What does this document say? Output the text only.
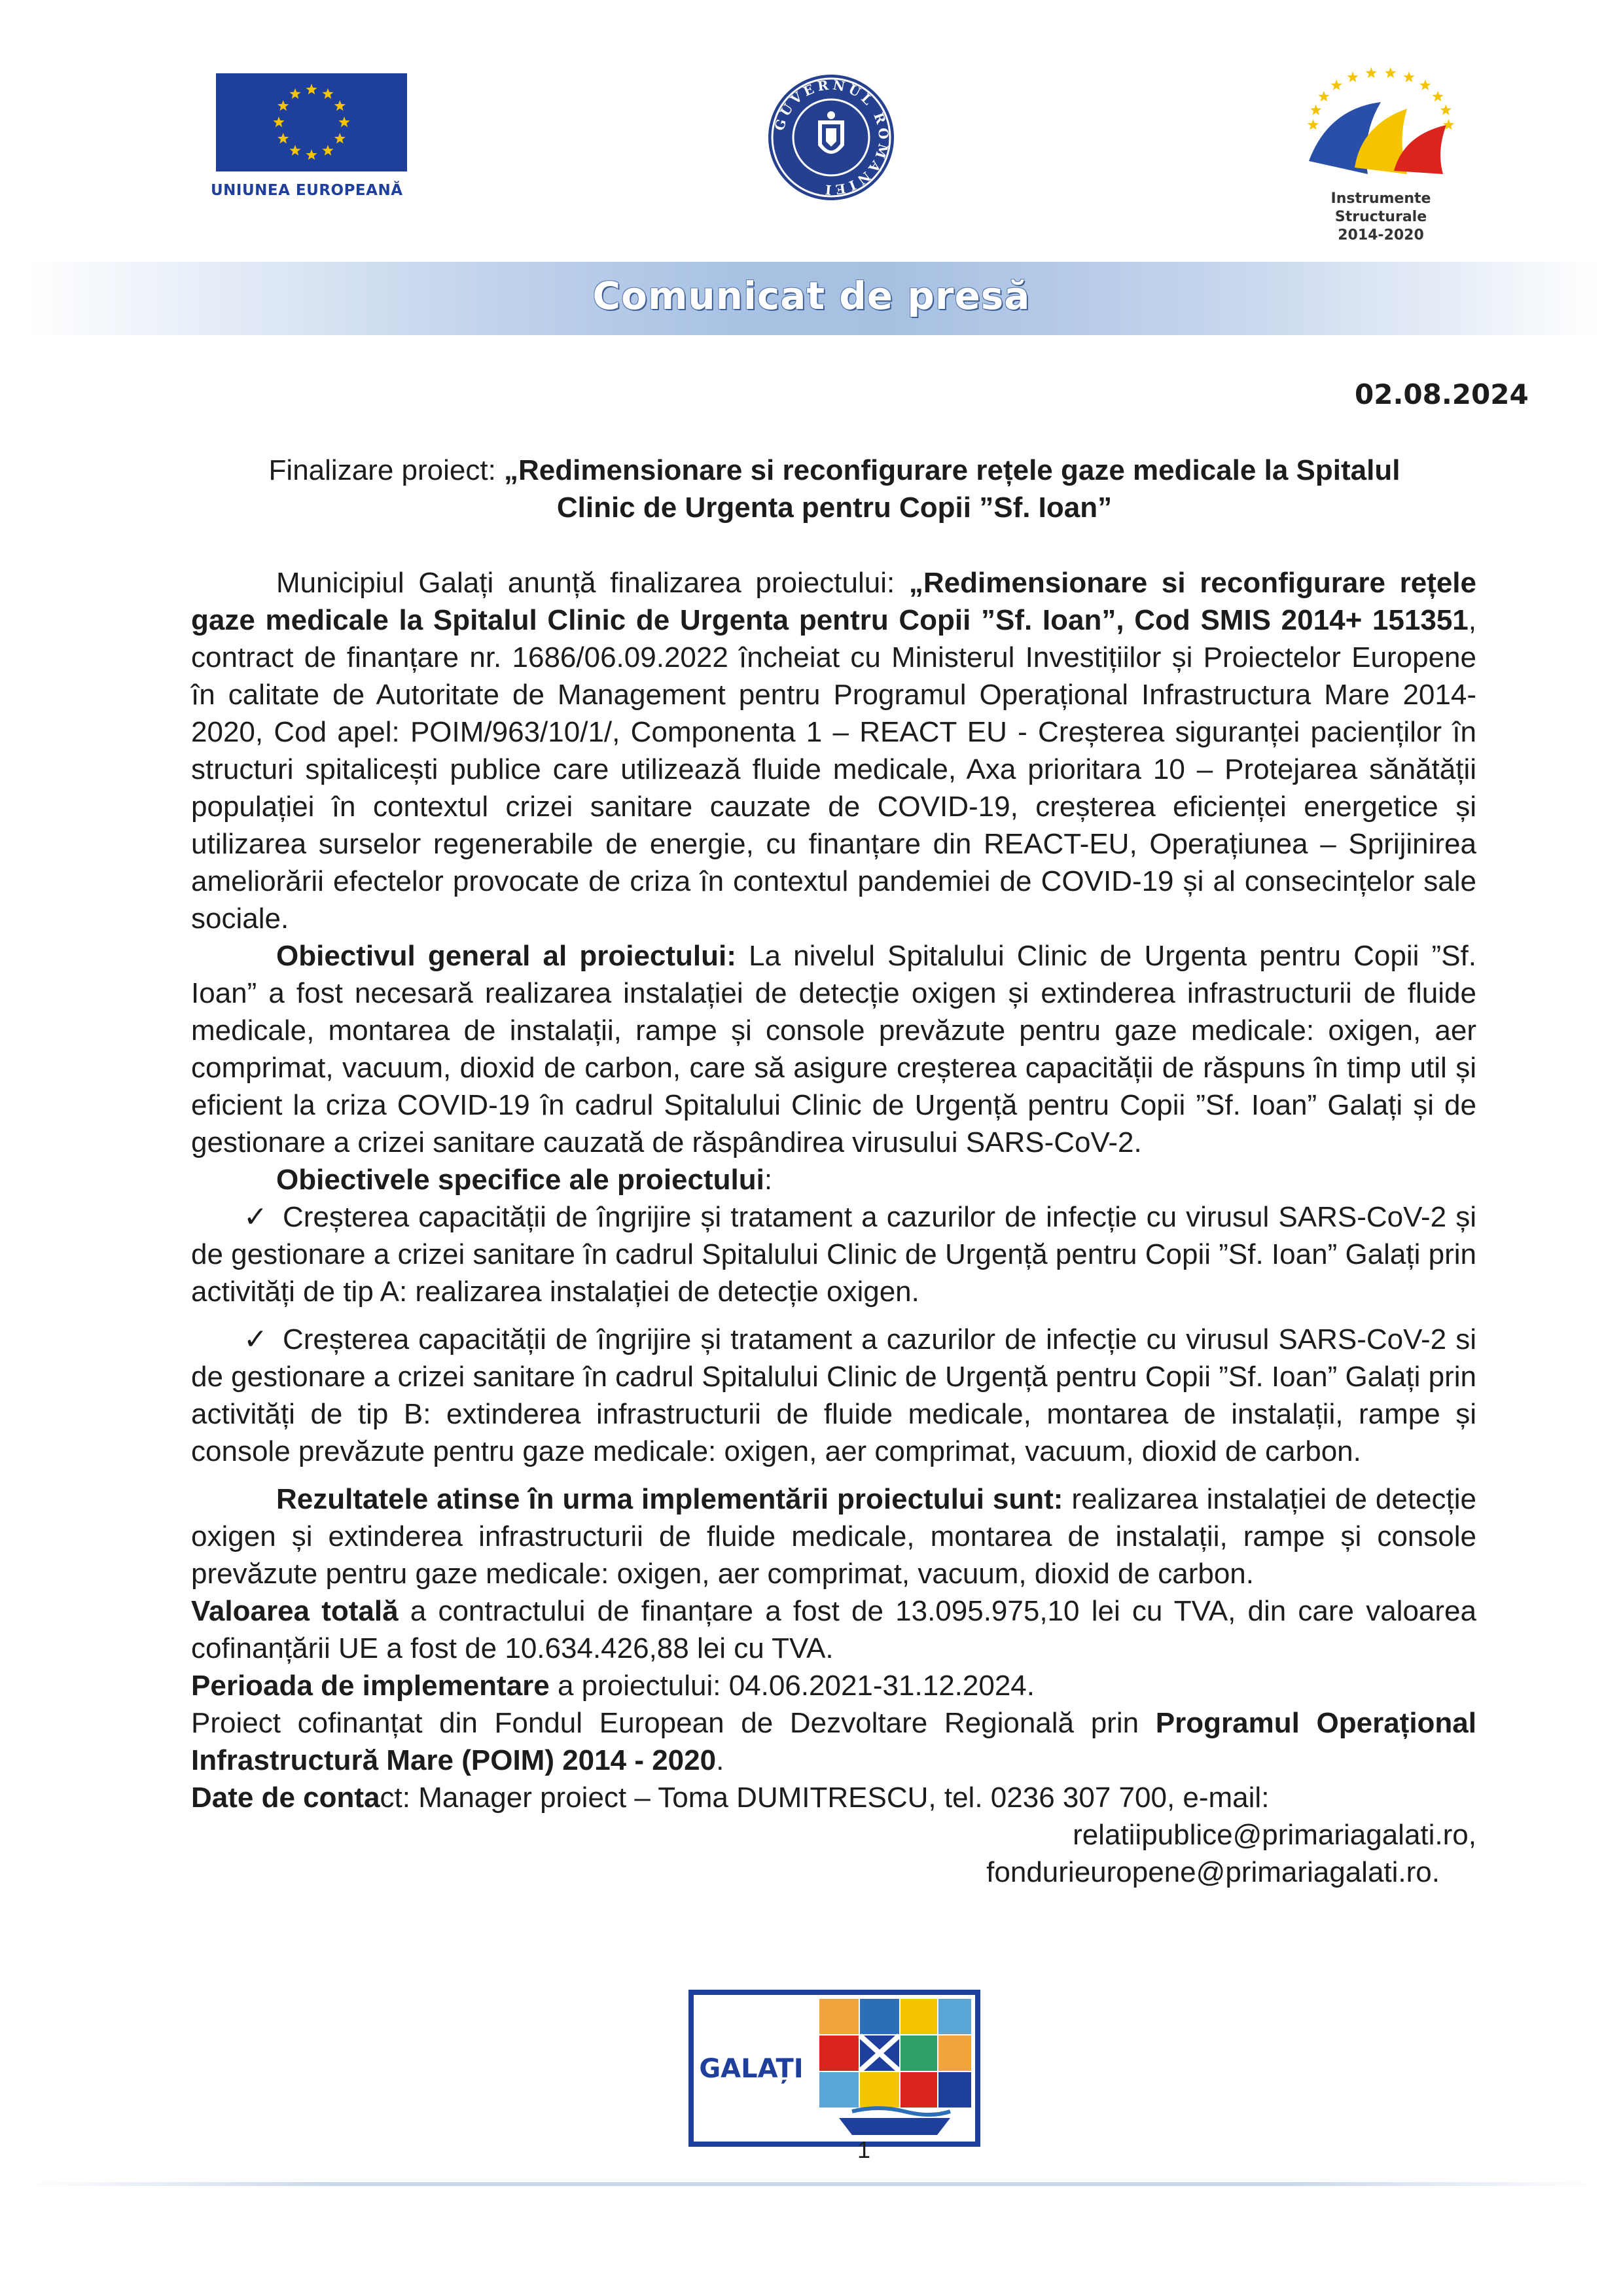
UNIUNEA EUROPEANĂ
GUVERNUL ROMÂNIEI
Instrumente Structurale
2014-2020
Comunicat de presă
02.08.2024
Finalizare proiect: „Redimensionare si reconfigurare rețele gaze medicale la Spitalul
Clinic de Urgenta pentru Copii ”Sf. Ioan”

Municipiul Galați anunță finalizarea proiectului: „Redimensionare si reconfigurare rețele gaze medicale la Spitalul Clinic de Urgenta pentru Copii ”Sf. Ioan”, Cod SMIS 2014+ 151351, contract de finanțare nr. 1686/06.09.2022 încheiat cu Ministerul Investițiilor și Proiectelor Europene în calitate de Autoritate de Management pentru Programul Operațional Infrastructura Mare 2014-2020, Cod apel: POIM/963/10/1/, Componenta 1 – REACT EU - Creșterea siguranței pacienților în structuri spitalicești publice care utilizează fluide medicale, Axa prioritara 10 – Protejarea sănătății populației în contextul crizei sanitare cauzate de COVID-19, creșterea eficienței energetice și utilizarea surselor regenerabile de energie, cu finanțare din REACT-EU, Operațiunea – Sprijinirea ameliorării efectelor provocate de criza în contextul pandemiei de COVID-19 și al consecințelor sale sociale.

Obiectivul general al proiectului: La nivelul Spitalului Clinic de Urgenta pentru Copii ”Sf. Ioan” a fost necesară realizarea instalației de detecție oxigen și extinderea infrastructurii de fluide medicale, montarea de instalații, rampe și console prevăzute pentru gaze medicale: oxigen, aer comprimat, vacuum, dioxid de carbon, care să asigure creșterea capacității de răspuns în timp util și eficient la criza COVID-19 în cadrul Spitalului Clinic de Urgență pentru Copii ”Sf. Ioan” Galați și de gestionare a crizei sanitare cauzată de răspândirea virusului SARS-CoV-2.

Obiectivele specifice ale proiectului:

✓ Creșterea capacității de îngrijire și tratament a cazurilor de infecție cu virusul SARS-CoV-2 și de gestionare a crizei sanitare în cadrul Spitalului Clinic de Urgență pentru Copii ”Sf. Ioan” Galați prin activități de tip A: realizarea instalației de detecție oxigen.

✓ Creșterea capacității de îngrijire și tratament a cazurilor de infecție cu virusul SARS-CoV-2 si de gestionare a crizei sanitare în cadrul Spitalului Clinic de Urgență pentru Copii ”Sf. Ioan” Galați prin activități de tip B: extinderea infrastructurii de fluide medicale, montarea de instalații, rampe și console prevăzute pentru gaze medicale: oxigen, aer comprimat, vacuum, dioxid de carbon.

Rezultatele atinse în urma implementării proiectului sunt: realizarea instalației de detecție oxigen și extinderea infrastructurii de fluide medicale, montarea de instalații, rampe și console prevăzute pentru gaze medicale: oxigen, aer comprimat, vacuum, dioxid de carbon.

Valoarea totală a contractului de finanțare a fost de 13.095.975,10 lei cu TVA, din care valoarea cofinanțării UE a fost de 10.634.426,88 lei cu TVA.

Perioada de implementare a proiectului: 04.06.2021-31.12.2024.

Proiect cofinanțat din Fondul European de Dezvoltare Regională prin Programul Operațional Infrastructură Mare (POIM) 2014 - 2020.

Date de contact: Manager proiect – Toma DUMITRESCU, tel. 0236 307 700, e-mail:

relatiipublice@primariagalati.ro,

fondurieuropene@primariagalati.ro.

GALAȚI
1
